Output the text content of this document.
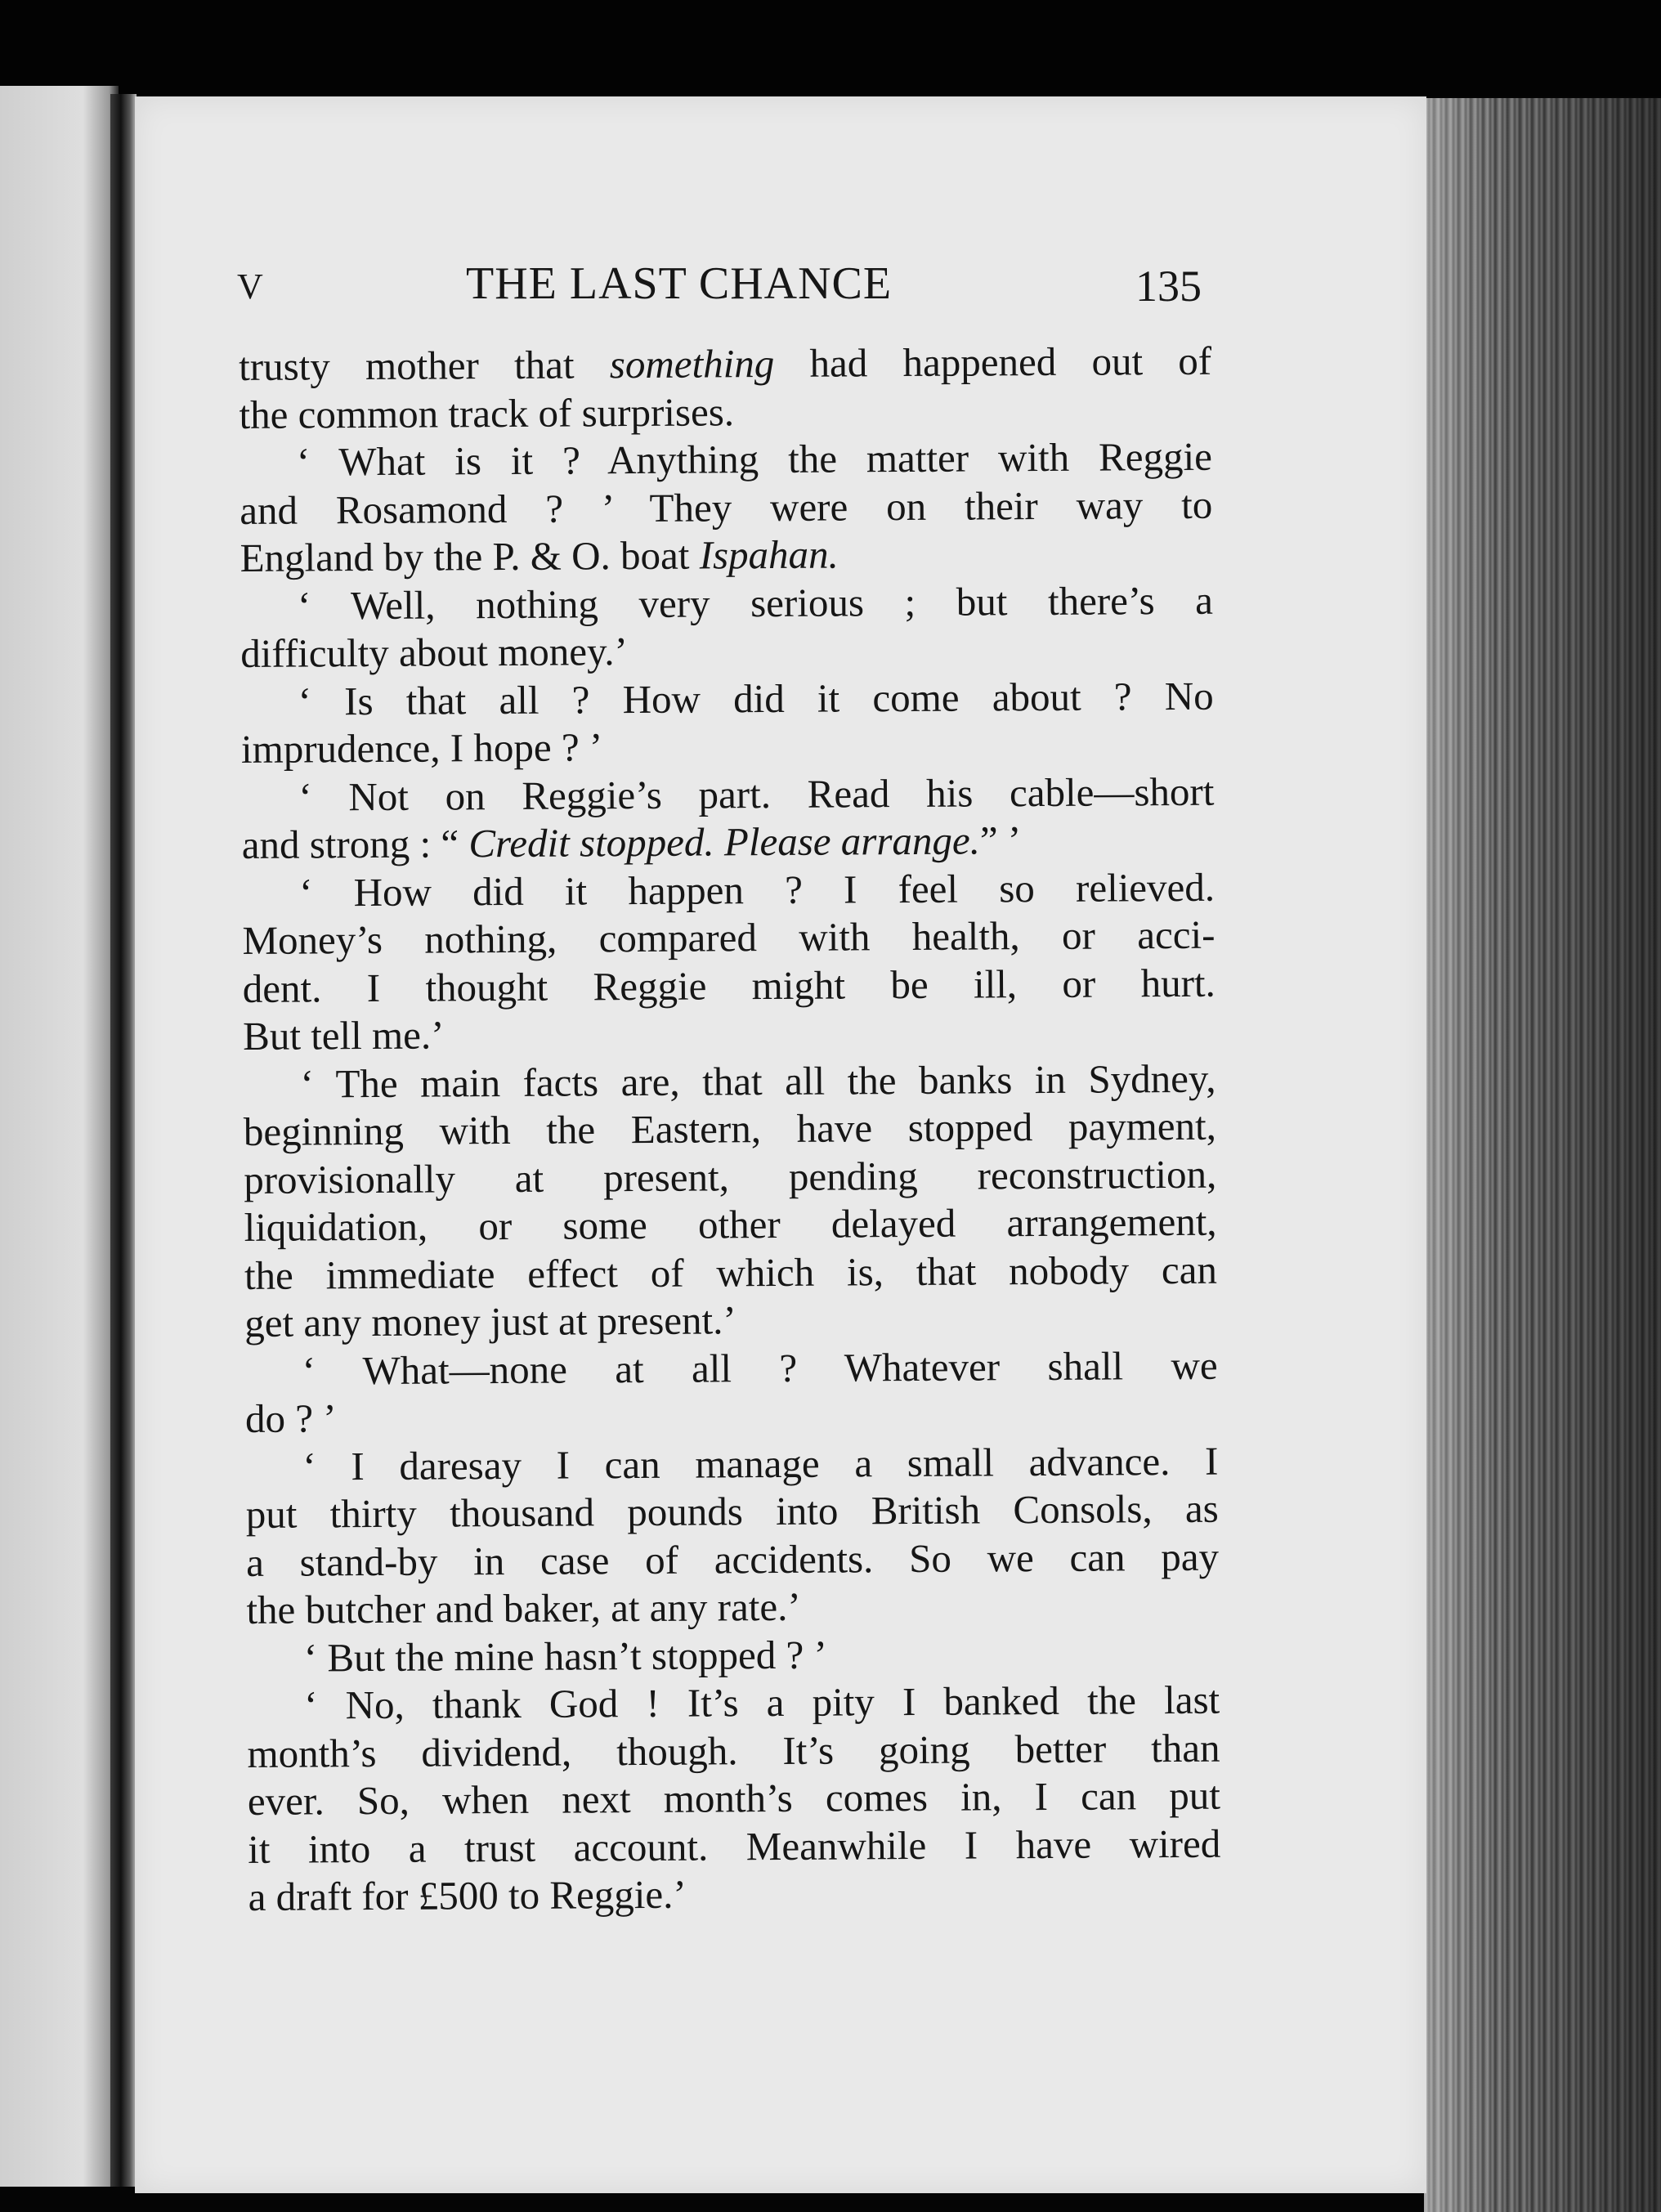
V	THE LAST CHANCE	135
trusty mother that something had happened out of
the common track of surprises.
‘ What is it ? Anything the matter with Reggie
and Rosamond ? ’ They were on their way to
England by the P. & O. boat Ispahan.
‘ Well, nothing very serious ; but there’s a
difficulty about money.’
‘ Is that all ? How did it come about ? No
imprudence, I hope ? ’
‘ Not on Reggie’s part. Read his cable—short
and strong : “ Credit stopped. Please arrange.” ’
‘ How did it happen ? I feel so relieved.
Money’s nothing, compared with health, or acci-
dent. I thought Reggie might be ill, or hurt.
But tell me.’
‘ The main facts are, that all the banks in Sydney,
beginning with the Eastern, have stopped payment,
provisionally at present, pending reconstruction,
liquidation, or some other delayed arrangement,
the immediate effect of which is, that nobody can
get any money just at present.’
‘ What—none at all ? Whatever shall we
do ? ’
‘ I daresay I can manage a small advance. I
put thirty thousand pounds into British Consols, as
a stand-by in case of accidents. So we can pay
the butcher and baker, at any rate.’
‘ But the mine hasn’t stopped ? ’
‘ No, thank God ! It’s a pity I banked the last
month’s dividend, though. It’s going better than
ever. So, when next month’s comes in, I can put
it into a trust account. Meanwhile I have wired
a draft for £500 to Reggie.’
